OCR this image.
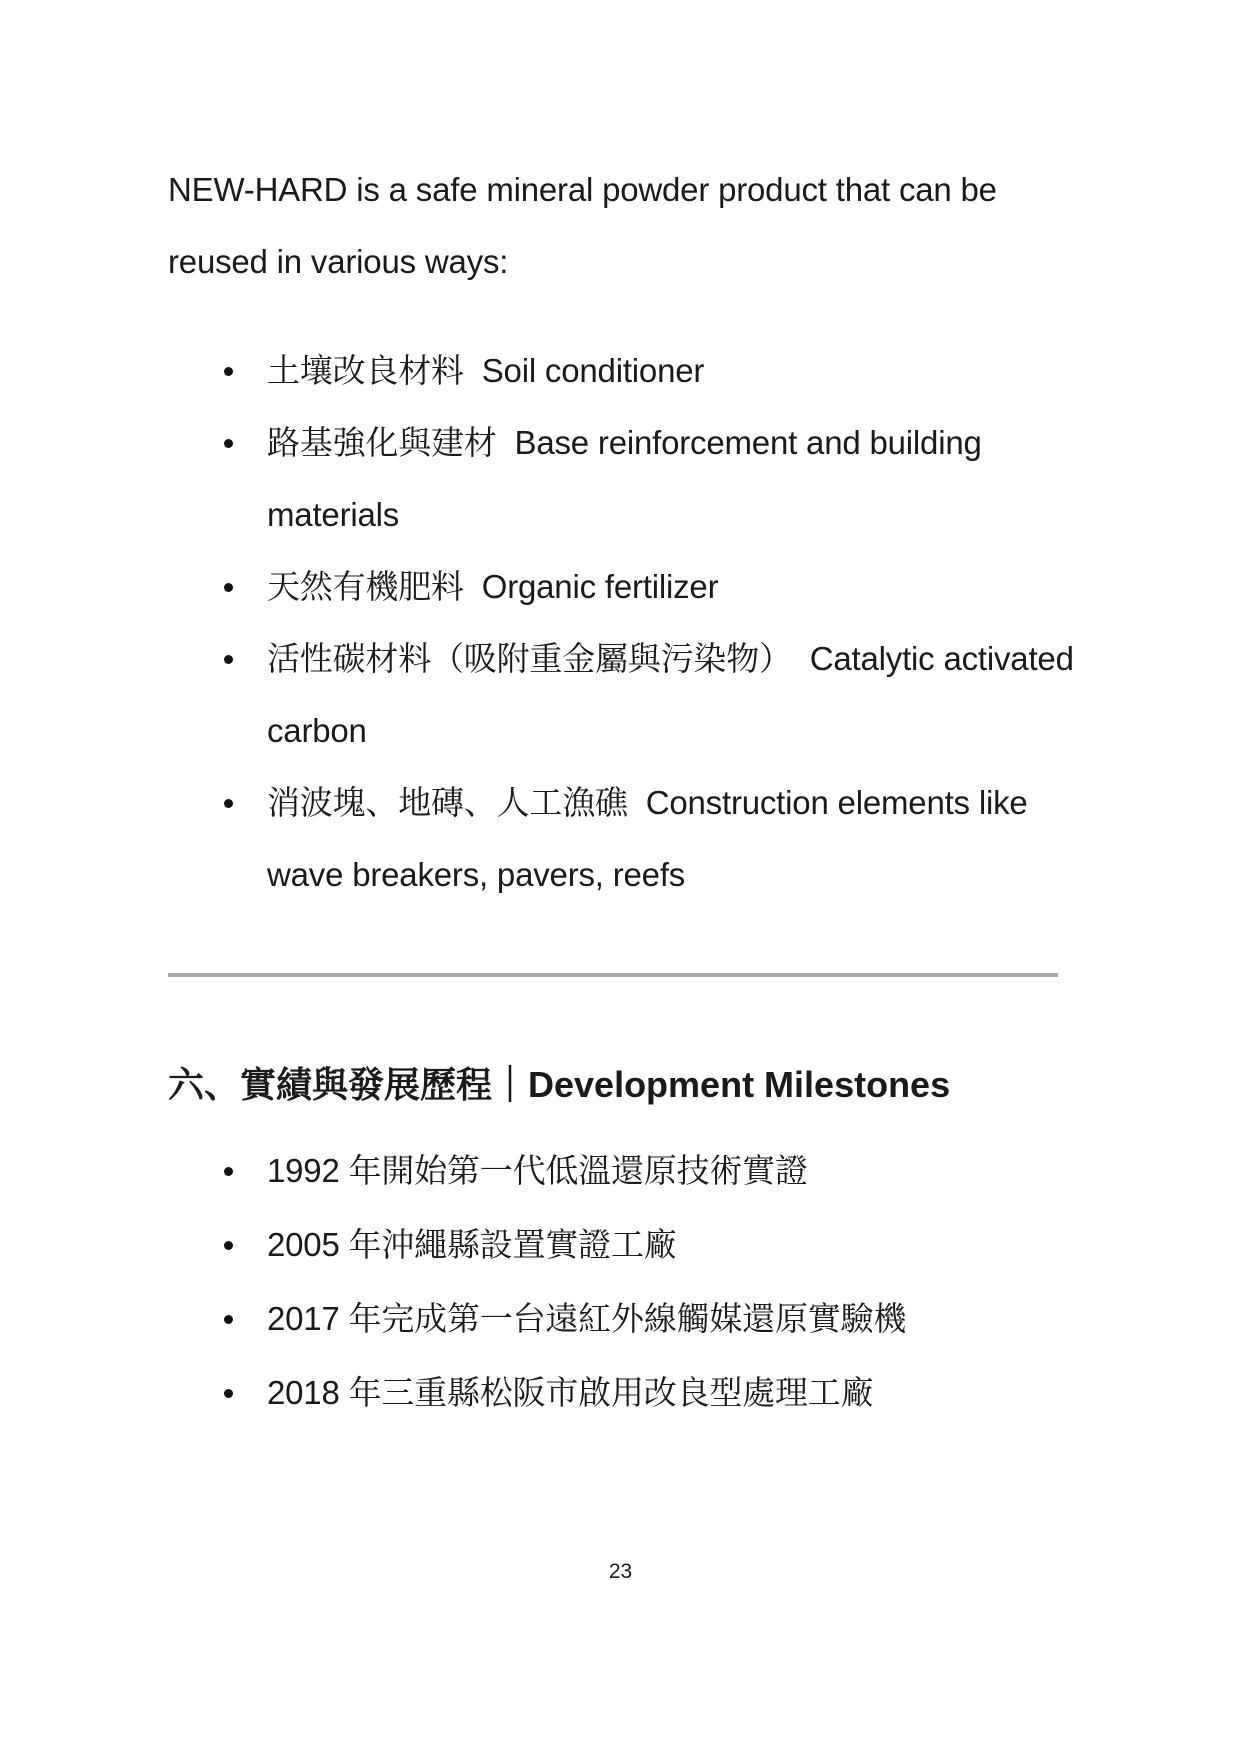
NEW-HARD is a safe mineral powder product that can be
reused in various ways:

土壤改良材料  Soil conditioner
路基強化與建材  Base reinforcement and building
materials
天然有機肥料  Organic fertilizer
活性碳材料（吸附重金屬與污染物）  Catalytic activated
carbon
消波塊、地磚、人工漁礁  Construction elements like
wave breakers, pavers, reefs
六、實績與發展歷程｜Development Milestones
1992 年開始第一代低溫還原技術實證
2005 年沖繩縣設置實證工廠
2017 年完成第一台遠紅外線觸媒還原實驗機
2018 年三重縣松阪市啟用改良型處理工廠
23
